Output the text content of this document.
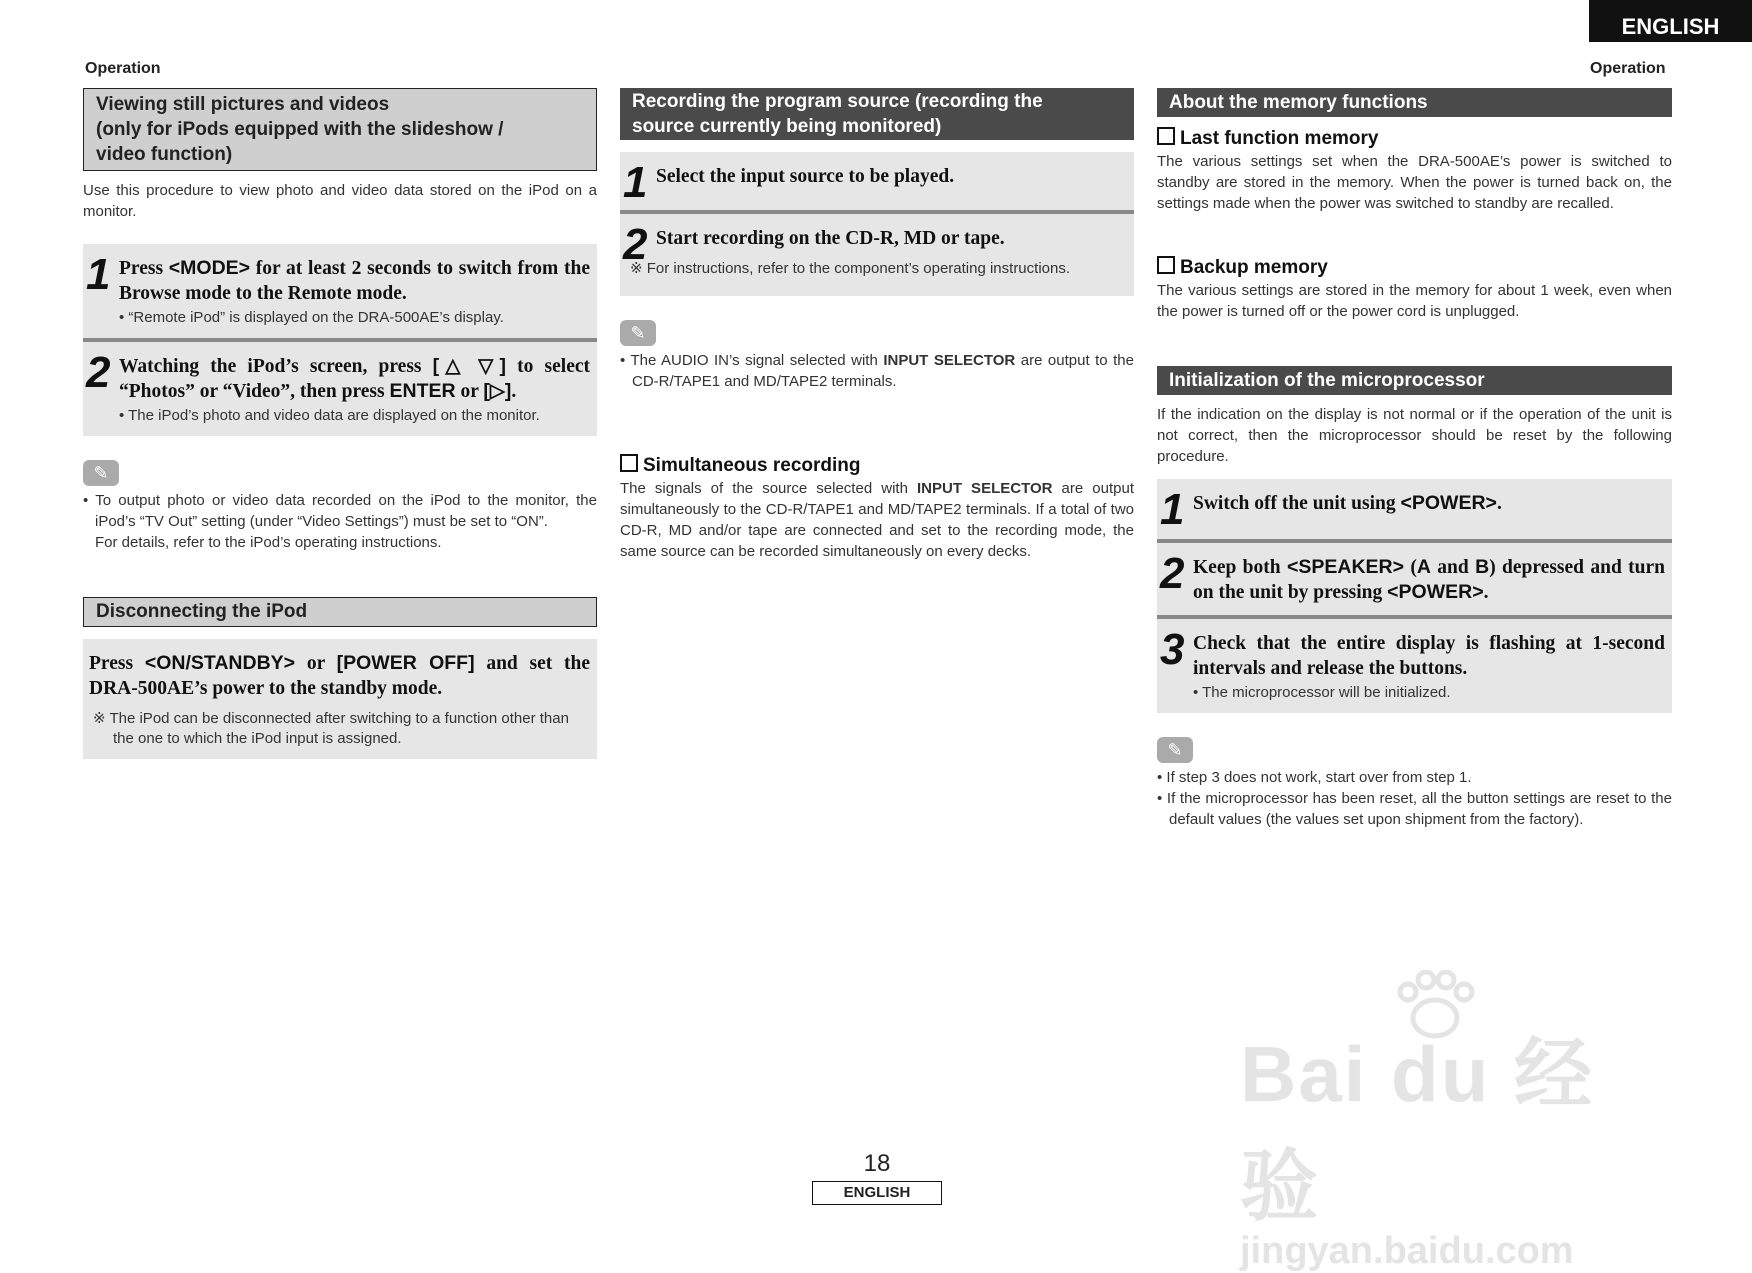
ENGLISH
Operation	Operation
Viewing still pictures and videos
(only for iPods equipped with the slideshow /
video function)
Use this procedure to view photo and video data stored on the iPod on a monitor.
1 Press <MODE> for at least 2 seconds to switch from the Browse mode to the Remote mode.
• “Remote iPod” is displayed on the DRA-500AE’s display.
2 Watching the iPod’s screen, press [△ ▽] to select “Photos” or “Video”, then press ENTER or [▷].
• The iPod’s photo and video data are displayed on the monitor.
✎
• To output photo or video data recorded on the iPod to the monitor, the iPod’s “TV Out” setting (under “Video Settings”) must be set to “ON”.
For details, refer to the iPod’s operating instructions.
Disconnecting the iPod
Press <ON/STANDBY> or [POWER OFF] and set the DRA-500AE’s power to the standby mode.
※ The iPod can be disconnected after switching to a function other than the one to which the iPod input is assigned.
Recording the program source (recording the
source currently being monitored)
1 Select the input source to be played.
2 Start recording on the CD-R, MD or tape.
※ For instructions, refer to the component’s operating instructions.
✎
• The AUDIO IN’s signal selected with INPUT SELECTOR are output to the CD-R/TAPE1 and MD/TAPE2 terminals.
Simultaneous recording
The signals of the source selected with INPUT SELECTOR are output simultaneously to the CD-R/TAPE1 and MD/TAPE2 terminals. If a total of two CD-R, MD and/or tape are connected and set to the recording mode, the same source can be recorded simultaneously on every decks.
About the memory functions
Last function memory
The various settings set when the DRA-500AE’s power is switched to standby are stored in the memory. When the power is turned back on, the settings made when the power was switched to standby are recalled.
Backup memory
The various settings are stored in the memory for about 1 week, even when the power is turned off or the power cord is unplugged.
Initialization of the microprocessor
If the indication on the display is not normal or if the operation of the unit is not correct, then the microprocessor should be reset by the following procedure.
1 Switch off the unit using <POWER>.
2 Keep both <SPEAKER> (A and B) depressed and turn on the unit by pressing <POWER>.
3 Check that the entire display is flashing at 1-second intervals and release the buttons.
• The microprocessor will be initialized.
✎
• If step 3 does not work, start over from step 1.
• If the microprocessor has been reset, all the button settings are reset to the default values (the values set upon shipment from the factory).
Bai du 经验
jingyan.baidu.com
18
ENGLISH
